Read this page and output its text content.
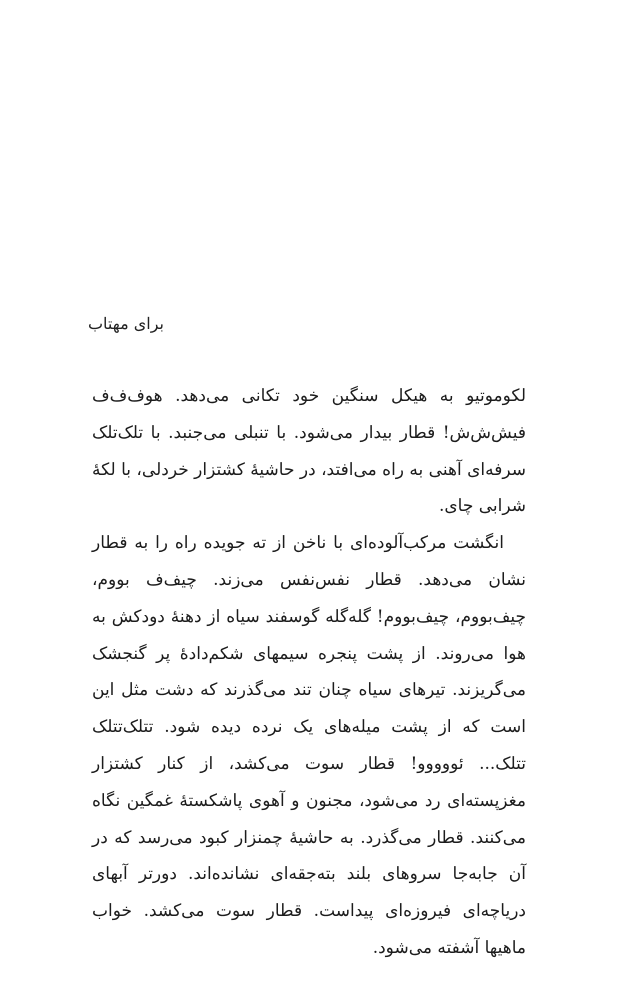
برای مهتاب

لکوموتیو به هیکل سنگین خود تکانی می‌دهد. هوف‌ف‌ف فیش‌ش‌ش! قطار بیدار می‌شود. با تنبلی می‌جنبد. با تلک‌تلک سرفه‌ای آهنی به راه می‌افتد، در حاشیهٔ کشتزار خردلی، با لکهٔ شرابی چای.

انگشت مرکب‌آلوده‌ای با ناخن از ته جویده راه را به قطار نشان می‌دهد. قطار نفس‌نفس می‌زند. چیف‌ف بووم، چیف‌بووم، چیف‌بووم! گله‌گله گوسفند سیاه از دهنهٔ دودکش به هوا می‌روند. از پشت پنجره سیمهای شکم‌دادهٔ پر گنجشک می‌گریزند. تیرهای سیاه چنان تند می‌گذرند که دشت مثل این است که از پشت میله‌های یک نرده دیده شود. تتلک‌تتلک تتلک... ئووووو! قطار سوت می‌کشد، از کنار کشتزار مغزپسته‌ای رد می‌شود، مجنون و آهوی پاشکستهٔ غمگین نگاه می‌کنند. قطار می‌گذرد. به حاشیهٔ چمنزار کبود می‌رسد که در آن جابه‌جا سروهای بلند بته‌جقه‌ای نشانده‌اند. دورتر آبهای دریاچه‌ای فیروزه‌ای پیداست. قطار سوت می‌کشد. خواب ماهیها آشفته می‌شود.
